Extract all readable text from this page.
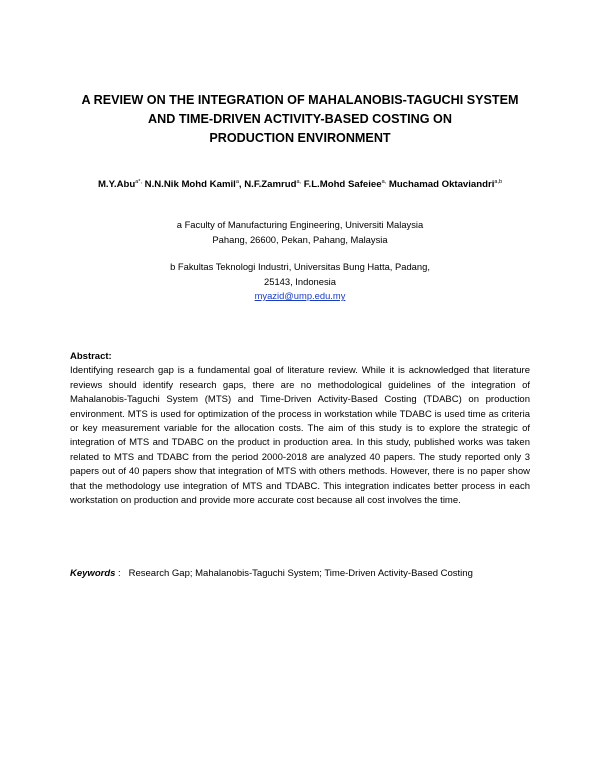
A REVIEW ON THE INTEGRATION OF MAHALANOBIS-TAGUCHI SYSTEM
AND TIME-DRIVEN ACTIVITY-BASED COSTING ON
PRODUCTION ENVIRONMENT
M.Y.Abu$^{a*,}$ N.N.Nik Mohd Kamil$^a$, N.F.Zamrud$^{a,}$ F.L.Mohd Safeiee$^{a,}$ Muchamad Oktaviandri$^{a,b}$
a Faculty of Manufacturing Engineering, Universiti Malaysia
Pahang, 26600, Pekan, Pahang, Malaysia
b Fakultas Teknologi Industri, Universitas Bung Hatta, Padang,
25143, Indonesia
myazid@ump.edu.my
Abstract:
Identifying research gap is a fundamental goal of literature review. While it is acknowledged that literature reviews should identify research gaps, there are no methodological guidelines of the integration of Mahalanobis-Taguchi System (MTS) and Time-Driven Activity-Based Costing (TDABC) on production environment. MTS is used for optimization of the process in workstation while TDABC is used time as criteria or key measurement variable for the allocation costs. The aim of this study is to explore the strategic of integration of MTS and TDABC on the product in production area. In this study, published works was taken related to MTS and TDABC from the period 2000-2018 are analyzed 40 papers. The study reported only 3 papers out of 40 papers show that integration of MTS with others methods. However, there is no paper show that the methodology use integration of MTS and TDABC. This integration indicates better process in each workstation on production and provide more accurate cost because all cost involves the time.
Keywords :   Research Gap; Mahalanobis-Taguchi System; Time-Driven Activity-Based Costing
